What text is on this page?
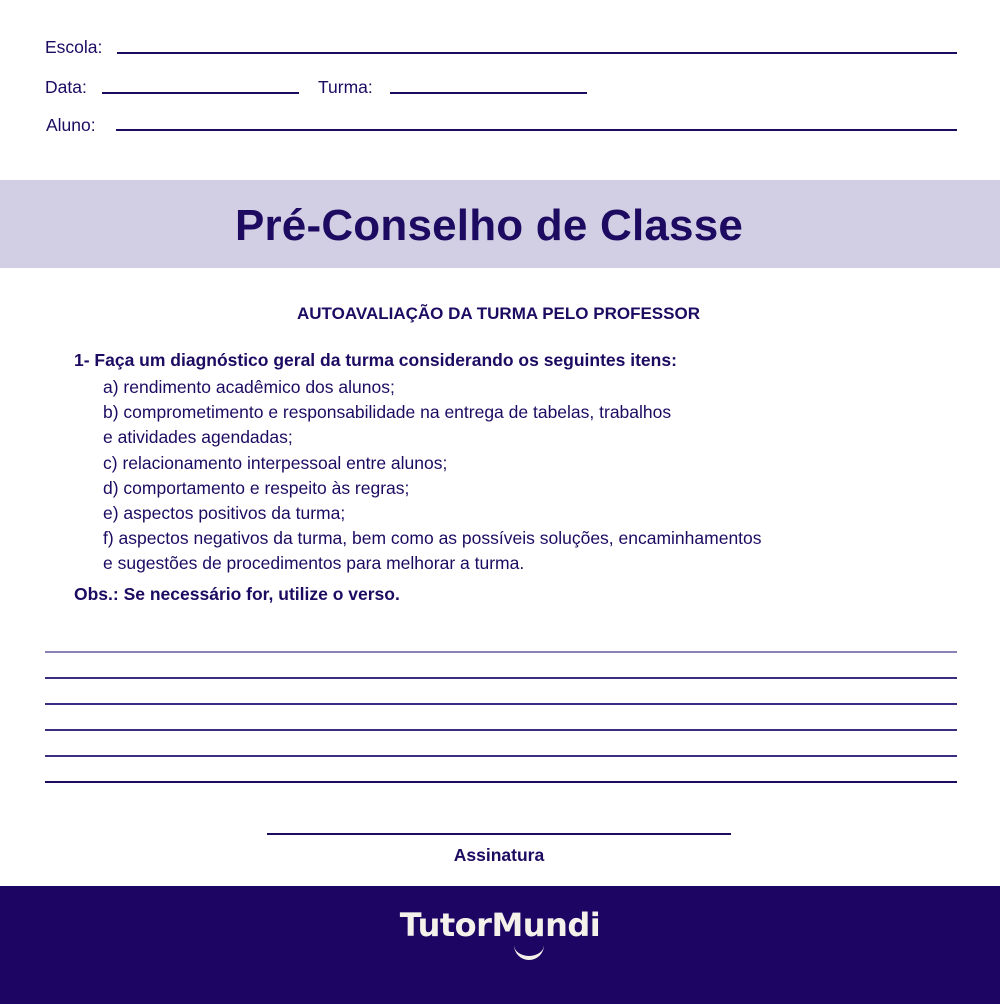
Escola:
Data:	Turma:
Aluno:
Pré-Conselho de Classe
AUTOAVALIAÇÃO DA TURMA PELO PROFESSOR
1- Faça um diagnóstico geral da turma considerando os seguintes itens:
a) rendimento acadêmico dos alunos;
b) comprometimento e responsabilidade na entrega de tabelas, trabalhos
e atividades agendadas;
c) relacionamento interpessoal entre alunos;
d) comportamento e respeito às regras;
e) aspectos positivos da turma;
f) aspectos negativos da turma, bem como as possíveis soluções, encaminhamentos
e sugestões de procedimentos para melhorar a turma.
Obs.: Se necessário for, utilize o verso.
Assinatura
TutorMundi
